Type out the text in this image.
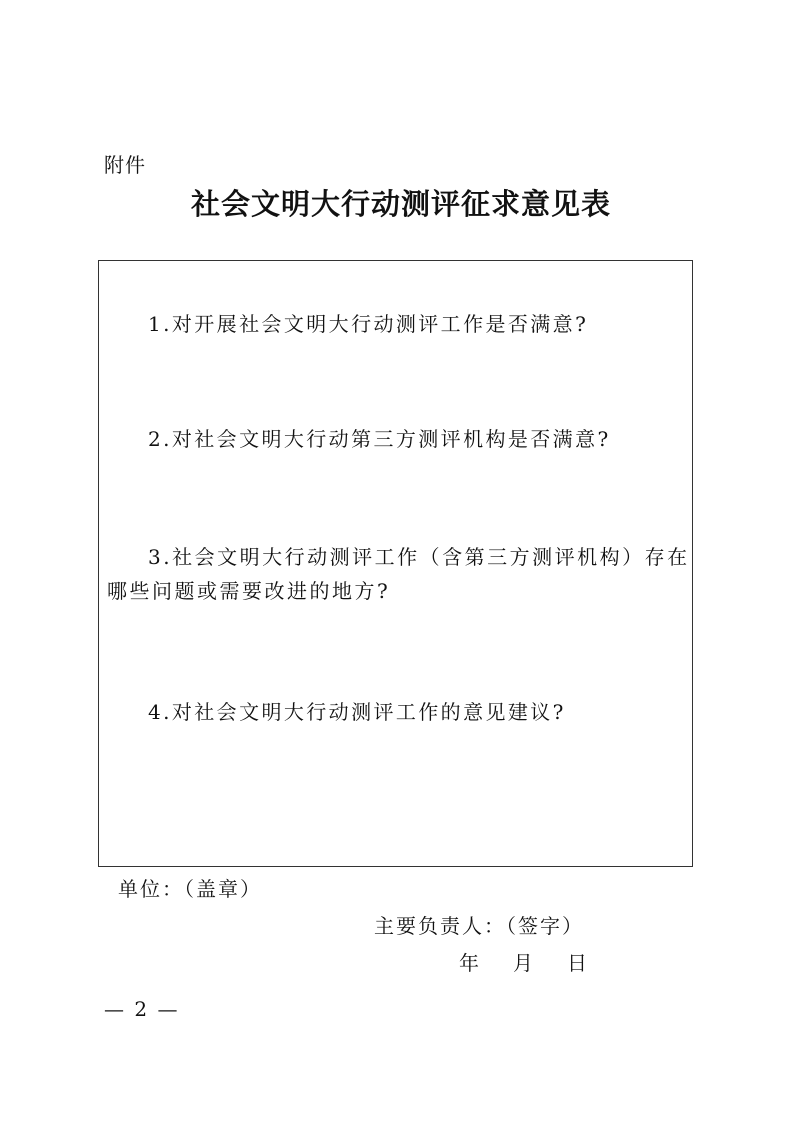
附件
社会文明大行动测评征求意见表
1.对开展社会文明大行动测评工作是否满意?
2.对社会文明大行动第三方测评机构是否满意?
3.社会文明大行动测评工作（含第三方测评机构）存在哪些问题或需要改进的地方?
4.对社会文明大行动测评工作的意见建议?
单位：（盖章）
主要负责人：（签字）
年 月 日
— 2 —
